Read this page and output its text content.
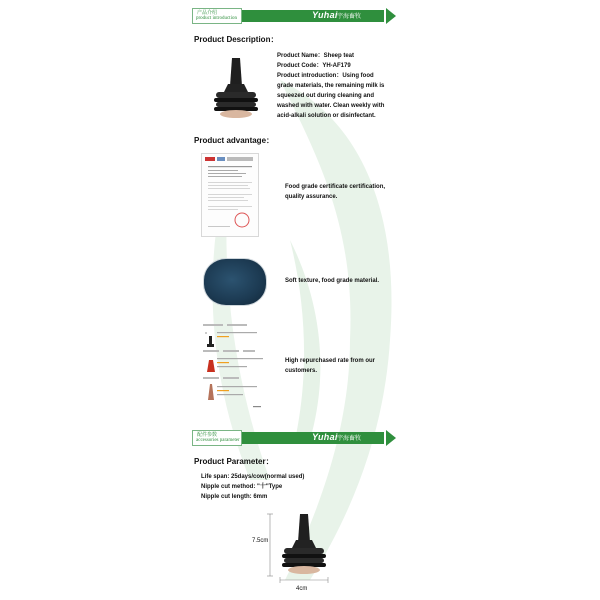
产品介绍
product introduction	Yuhai 宇海畜牧
Product Description：
Product Name：Sheep teat
Product Code：YH-AF179
Product introduction：Using food
grade materials, the remaining milk is
squeezed out during cleaning and
washed with water. Clean weekly with
acid-alkali solution or disinfectant.
Product advantage：
Food grade certificate certification,
quality assurance.
Soft texture, food grade material.
High repurchased rate from our
customers.
配件参数
accessories parameter	Yuhai 宇海畜牧
Product Parameter：
Life span: 25days/cow(normal used)
Nipple cut method: "十"Type
Nipple cut length: 6mm
7.5cm
4cm
